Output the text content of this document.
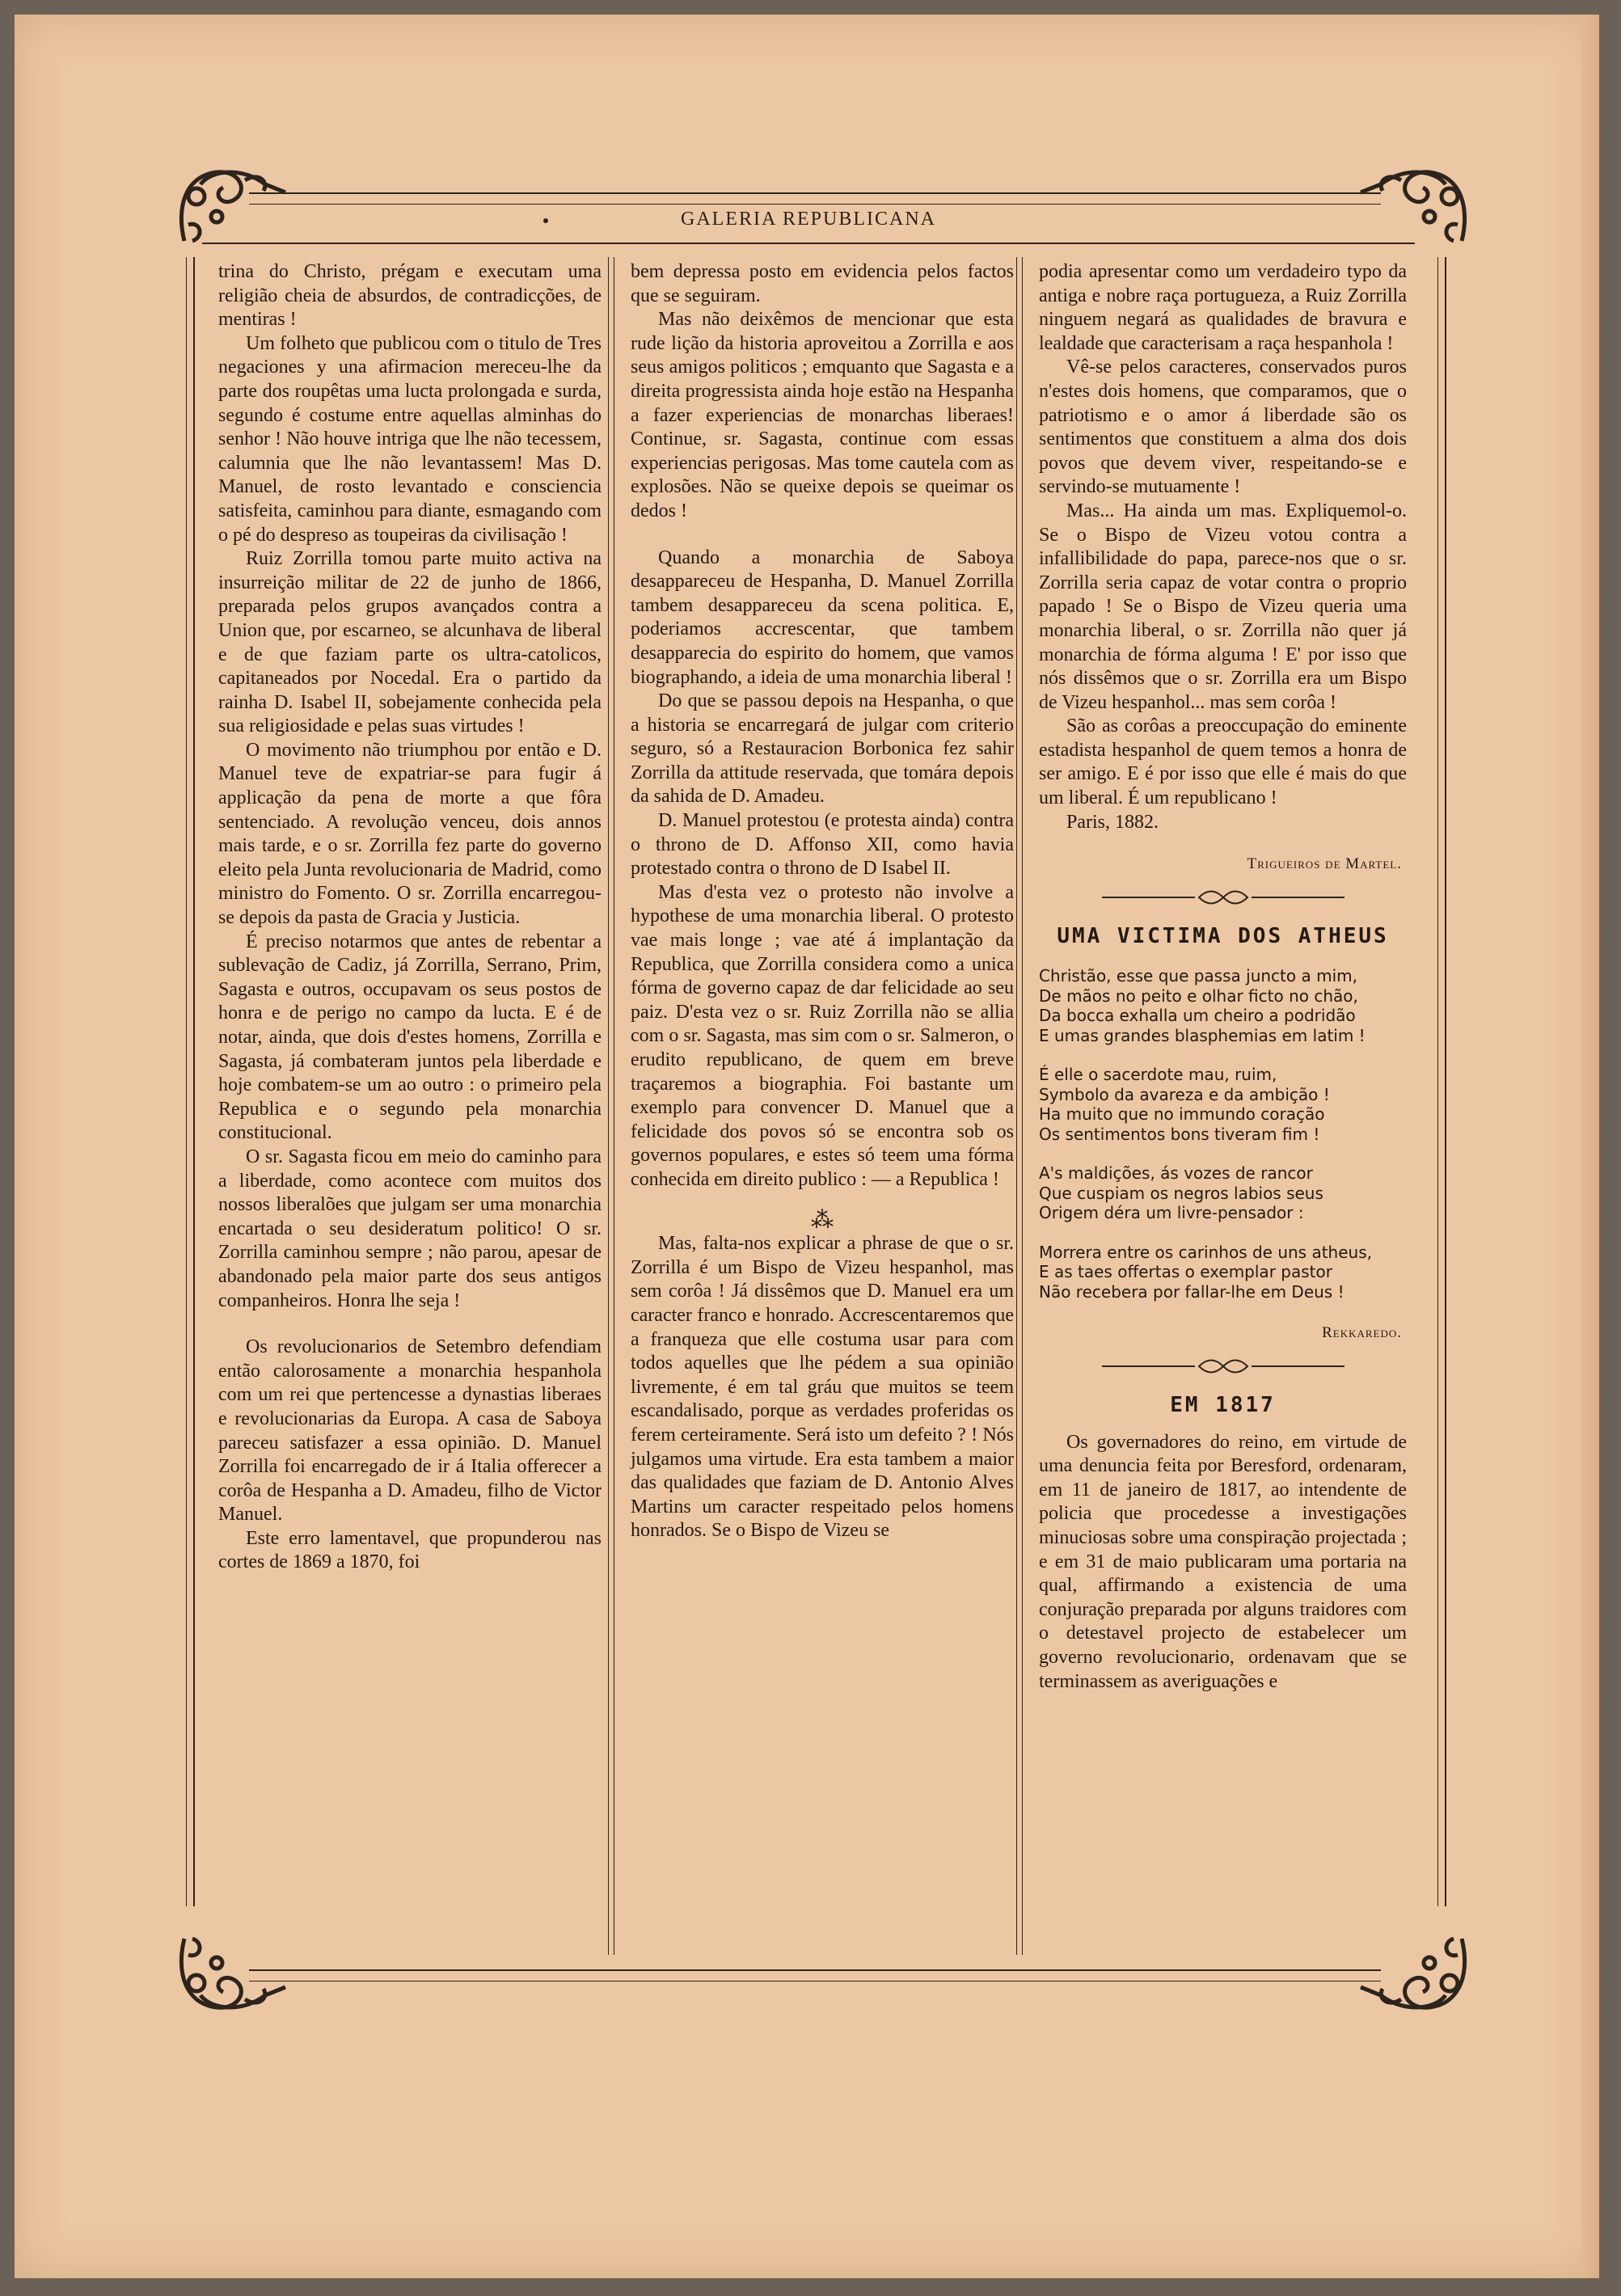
GALERIA REPUBLICANA

trina do Christo, prégam e executam uma religião cheia de absurdos, de contradicções, de mentiras !

Um folheto que publicou com o titulo de Tres negaciones y una afirmacion mereceu-lhe da parte dos roupêtas uma lucta prolongada e surda, segundo é costume entre aquellas alminhas do senhor ! Não houve intriga que lhe não tecessem, calumnia que lhe não levantassem! Mas D. Manuel, de rosto levantado e consciencia satisfeita, caminhou para diante, esmagando com o pé do despreso as toupeiras da civilisação !

Ruiz Zorrilla tomou parte muito activa na insurreição militar de 22 de junho de 1866, preparada pelos grupos avançados contra a Union que, por escarneo, se alcunhava de liberal e de que faziam parte os ultra-catolicos, capitaneados por Nocedal. Era o partido da rainha D. Isabel II, sobejamente conhecida pela sua religiosidade e pelas suas virtudes !

O movimento não triumphou por então e D. Manuel teve de expatriar-se para fugir á applicação da pena de morte a que fôra sentenciado. A revolução venceu, dois annos mais tarde, e o sr. Zorrilla fez parte do governo eleito pela Junta revolucionaria de Madrid, como ministro do Fomento. O sr. Zorrilla encarregou-se depois da pasta de Gracia y Justicia.

É preciso notarmos que antes de rebentar a sublevação de Cadiz, já Zorrilla, Serrano, Prim, Sagasta e outros, occupavam os seus postos de honra e de perigo no campo da lucta. E é de notar, ainda, que dois d'estes homens, Zorrilla e Sagasta, já combateram juntos pela liberdade e hoje combatem-se um ao outro : o primeiro pela Republica e o segundo pela monarchia constitucional.

O sr. Sagasta ficou em meio do caminho para a liberdade, como acontece com muitos dos nossos liberalões que julgam ser uma monarchia encartada o seu desideratum politico! O sr. Zorrilla caminhou sempre ; não parou, apesar de abandonado pela maior parte dos seus antigos companheiros. Honra lhe seja !

Os revolucionarios de Setembro defendiam então calorosamente a monarchia hespanhola com um rei que pertencesse a dynastias liberaes e revolucionarias da Europa. A casa de Saboya pareceu satisfazer a essa opinião. D. Manuel Zorrilla foi encarregado de ir á Italia offerecer a corôa de Hespanha a D. Amadeu, filho de Victor Manuel.

Este erro lamentavel, que propunderou nas cortes de 1869 a 1870, foi

bem depressa posto em evidencia pelos factos que se seguiram.

Mas não deixêmos de mencionar que esta rude lição da historia aproveitou a Zorrilla e aos seus amigos politicos ; emquanto que Sagasta e a direita progressista ainda hoje estão na Hespanha a fazer experiencias de monarchas liberaes! Continue, sr. Sagasta, continue com essas experiencias perigosas. Mas tome cautela com as explosões. Não se queixe depois se queimar os dedos !

Quando a monarchia de Saboya desappareceu de Hespanha, D. Manuel Zorrilla tambem desappareceu da scena politica. E, poderiamos accrescentar, que tambem desapparecia do espirito do homem, que vamos biographando, a ideia de uma monarchia liberal !

Do que se passou depois na Hespanha, o que a historia se encarregará de julgar com criterio seguro, só a Restauracion Borbonica fez sahir Zorrilla da attitude reservada, que tomára depois da sahida de D. Amadeu.

D. Manuel protestou (e protesta ainda) contra o throno de D. Affonso XII, como havia protestado contra o throno de D Isabel II.

Mas d'esta vez o protesto não involve a hypothese de uma monarchia liberal. O protesto vae mais longe ; vae até á implantação da Republica, que Zorrilla considera como a unica fórma de governo capaz de dar felicidade ao seu paiz. D'esta vez o sr. Ruiz Zorrilla não se allia com o sr. Sagasta, mas sim com o sr. Salmeron, o erudito republicano, de quem em breve traçaremos a biographia. Foi bastante um exemplo para convencer D. Manuel que a felicidade dos povos só se encontra sob os governos populares, e estes só teem uma fórma conhecida em direito publico : — a Republica !

⁂

Mas, falta-nos explicar a phrase de que o sr. Zorrilla é um Bispo de Vizeu hespanhol, mas sem corôa ! Já dissêmos que D. Manuel era um caracter franco e honrado. Accrescentaremos que a franqueza que elle costuma usar para com todos aquelles que lhe pédem a sua opinião livremente, é em tal gráu que muitos se teem escandalisado, porque as verdades proferidas os ferem certeiramente. Será isto um defeito ? ! Nós julgamos uma virtude. Era esta tambem a maior das qualidades que faziam de D. Antonio Alves Martins um caracter respeitado pelos homens honrados. Se o Bispo de Vizeu se

podia apresentar como um verdadeiro typo da antiga e nobre raça portugueza, a Ruiz Zorrilla ninguem negará as qualidades de bravura e lealdade que caracterisam a raça hespanhola !

Vê-se pelos caracteres, conservados puros n'estes dois homens, que comparamos, que o patriotismo e o amor á liberdade são os sentimentos que constituem a alma dos dois povos que devem viver, respeitando-se e servindo-se mutuamente !

Mas... Ha ainda um mas. Expliquemol-o. Se o Bispo de Vizeu votou contra a infallibilidade do papa, parece-nos que o sr. Zorrilla seria capaz de votar contra o proprio papado ! Se o Bispo de Vizeu queria uma monarchia liberal, o sr. Zorrilla não quer já monarchia de fórma alguma ! E' por isso que nós dissêmos que o sr. Zorrilla era um Bispo de Vizeu hespanhol... mas sem corôa !

São as corôas a preoccupação do eminente estadista hespanhol de quem temos a honra de ser amigo. E é por isso que elle é mais do que um liberal. É um republicano !

Paris, 1882.

Trigueiros de Martel.
UMA VICTIMA DOS ATHEUS
Christão, esse que passa juncto a mim,
De mãos no peito e olhar ficto no chão,
Da bocca exhalla um cheiro a podridão
E umas grandes blasphemias em latim !
É elle o sacerdote mau, ruim,
Symbolo da avareza e da ambição !
Ha muito que no immundo coração
Os sentimentos bons tiveram fim !
A's maldições, ás vozes de rancor
Que cuspiam os negros labios seus
Origem déra um livre-pensador :
Morrera entre os carinhos de uns atheus,
E as taes offertas o exemplar pastor
Não recebera por fallar-lhe em Deus !
Rekkaredo.
EM 1817

Os governadores do reino, em virtude de uma denuncia feita por Beresford, ordenaram, em 11 de janeiro de 1817, ao intendente de policia que procedesse a investigações minuciosas sobre uma conspiração projectada ; e em 31 de maio publicaram uma portaria na qual, affirmando a existencia de uma conjuração preparada por alguns traidores com o detestavel projecto de estabelecer um governo revolucionario, ordenavam que se terminassem as averiguações e
